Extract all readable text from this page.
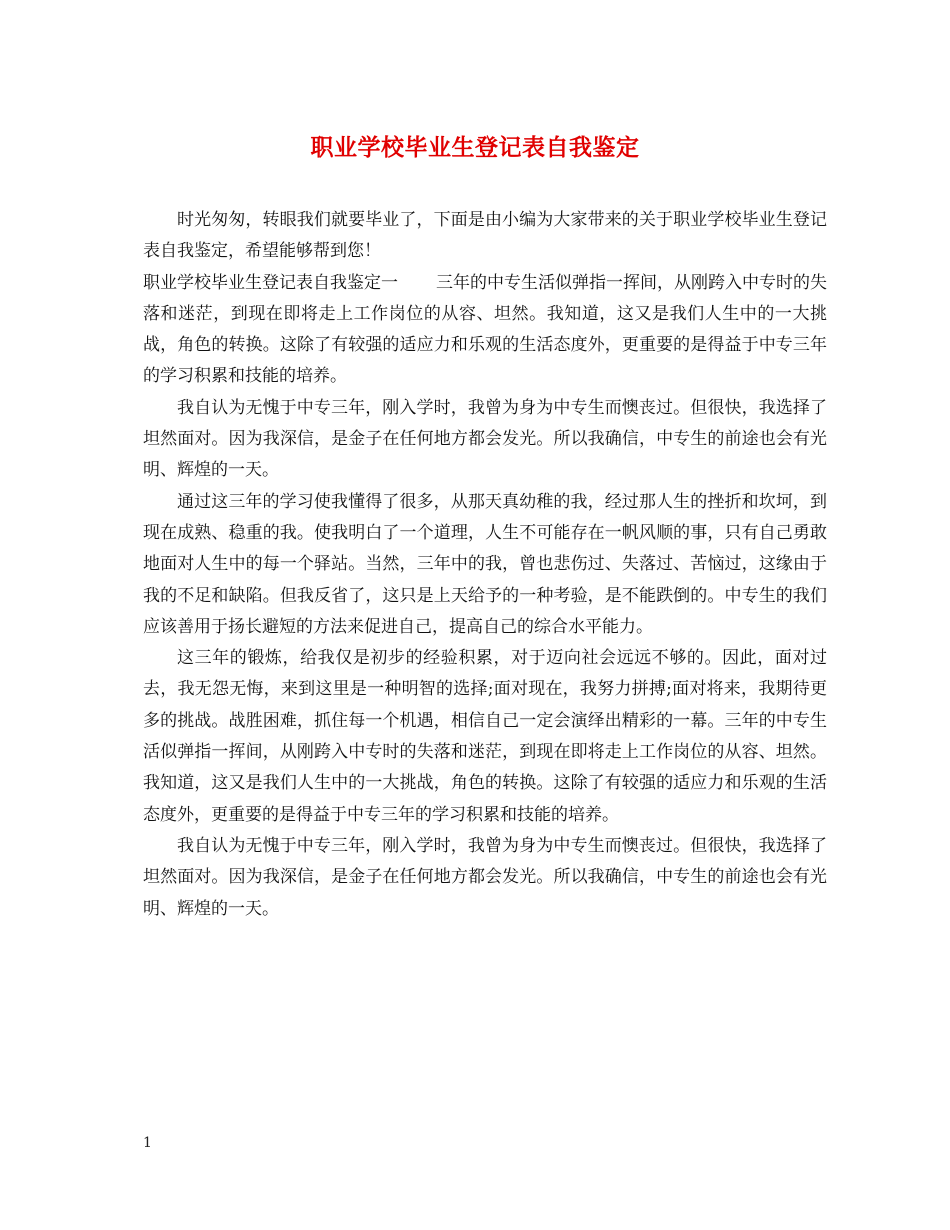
职业学校毕业生登记表自我鉴定

时光匆匆，转眼我们就要毕业了，下面是由小编为大家带来的关于职业学校毕业生登记表自我鉴定，希望能够帮到您！

职业学校毕业生登记表自我鉴定一 三年的中专生活似弹指一挥间，从刚跨入中专时的失落和迷茫，到现在即将走上工作岗位的从容、坦然。我知道，这又是我们人生中的一大挑战，角色的转换。这除了有较强的适应力和乐观的生活态度外，更重要的是得益于中专三年的学习积累和技能的培养。

我自认为无愧于中专三年，刚入学时，我曾为身为中专生而懊丧过。但很快，我选择了坦然面对。因为我深信，是金子在任何地方都会发光。所以我确信，中专生的前途也会有光明、辉煌的一天。

通过这三年的学习使我懂得了很多，从那天真幼稚的我，经过那人生的挫折和坎坷，到现在成熟、稳重的我。使我明白了一个道理，人生不可能存在一帆风顺的事，只有自己勇敢地面对人生中的每一个驿站。当然，三年中的我，曾也悲伤过、失落过、苦恼过，这缘由于我的不足和缺陷。但我反省了，这只是上天给予的一种考验，是不能跌倒的。中专生的我们应该善用于扬长避短的方法来促进自己，提高自己的综合水平能力。

这三年的锻炼，给我仅是初步的经验积累，对于迈向社会远远不够的。因此，面对过去，我无怨无悔，来到这里是一种明智的选择;面对现在，我努力拼搏;面对将来，我期待更多的挑战。战胜困难，抓住每一个机遇，相信自己一定会演绎出精彩的一幕。三年的中专生活似弹指一挥间，从刚跨入中专时的失落和迷茫，到现在即将走上工作岗位的从容、坦然。我知道，这又是我们人生中的一大挑战，角色的转换。这除了有较强的适应力和乐观的生活态度外，更重要的是得益于中专三年的学习积累和技能的培养。

我自认为无愧于中专三年，刚入学时，我曾为身为中专生而懊丧过。但很快，我选择了坦然面对。因为我深信，是金子在任何地方都会发光。所以我确信，中专生的前途也会有光明、辉煌的一天。

1
